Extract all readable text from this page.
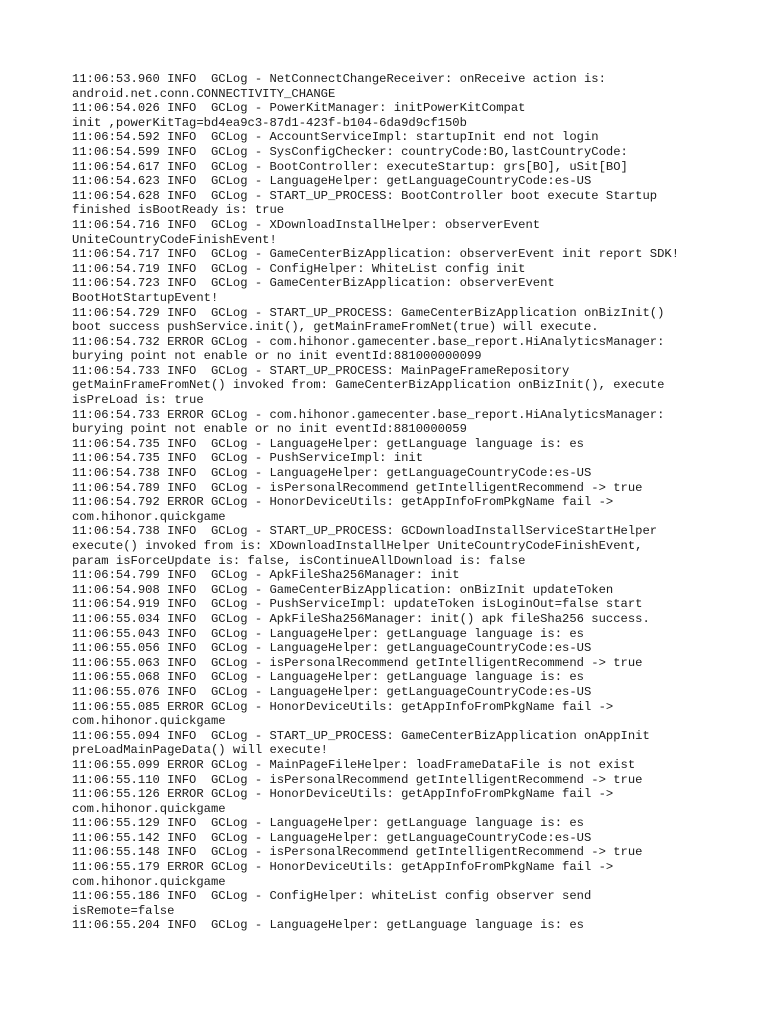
11:06:53.960 INFO  GCLog - NetConnectChangeReceiver: onReceive action is:
android.net.conn.CONNECTIVITY_CHANGE
11:06:54.026 INFO  GCLog - PowerKitManager: initPowerKitCompat
init ,powerKitTag=bd4ea9c3-87d1-423f-b104-6da9d9cf150b
11:06:54.592 INFO  GCLog - AccountServiceImpl: startupInit end not login
11:06:54.599 INFO  GCLog - SysConfigChecker: countryCode:BO,lastCountryCode:
11:06:54.617 INFO  GCLog - BootController: executeStartup: grs[BO], uSit[BO]
11:06:54.623 INFO  GCLog - LanguageHelper: getLanguageCountryCode:es-US
11:06:54.628 INFO  GCLog - START_UP_PROCESS: BootController boot execute Startup
finished isBootReady is: true
11:06:54.716 INFO  GCLog - XDownloadInstallHelper: observerEvent
UniteCountryCodeFinishEvent!
11:06:54.717 INFO  GCLog - GameCenterBizApplication: observerEvent init report SDK!
11:06:54.719 INFO  GCLog - ConfigHelper: WhiteList config init
11:06:54.723 INFO  GCLog - GameCenterBizApplication: observerEvent
BootHotStartupEvent!
11:06:54.729 INFO  GCLog - START_UP_PROCESS: GameCenterBizApplication onBizInit()
boot success pushService.init(), getMainFrameFromNet(true) will execute.
11:06:54.732 ERROR GCLog - com.hihonor.gamecenter.base_report.HiAnalyticsManager:
burying point not enable or no init eventId:881000000099
11:06:54.733 INFO  GCLog - START_UP_PROCESS: MainPageFrameRepository
getMainFrameFromNet() invoked from: GameCenterBizApplication onBizInit(), execute
isPreLoad is: true
11:06:54.733 ERROR GCLog - com.hihonor.gamecenter.base_report.HiAnalyticsManager:
burying point not enable or no init eventId:8810000059
11:06:54.735 INFO  GCLog - LanguageHelper: getLanguage language is: es
11:06:54.735 INFO  GCLog - PushServiceImpl: init
11:06:54.738 INFO  GCLog - LanguageHelper: getLanguageCountryCode:es-US
11:06:54.789 INFO  GCLog - isPersonalRecommend getIntelligentRecommend -> true
11:06:54.792 ERROR GCLog - HonorDeviceUtils: getAppInfoFromPkgName fail ->
com.hihonor.quickgame
11:06:54.738 INFO  GCLog - START_UP_PROCESS: GCDownloadInstallServiceStartHelper
execute() invoked from is: XDownloadInstallHelper UniteCountryCodeFinishEvent,
param isForceUpdate is: false, isContinueAllDownload is: false
11:06:54.799 INFO  GCLog - ApkFileSha256Manager: init
11:06:54.908 INFO  GCLog - GameCenterBizApplication: onBizInit updateToken
11:06:54.919 INFO  GCLog - PushServiceImpl: updateToken isLoginOut=false start
11:06:55.034 INFO  GCLog - ApkFileSha256Manager: init() apk fileSha256 success.
11:06:55.043 INFO  GCLog - LanguageHelper: getLanguage language is: es
11:06:55.056 INFO  GCLog - LanguageHelper: getLanguageCountryCode:es-US
11:06:55.063 INFO  GCLog - isPersonalRecommend getIntelligentRecommend -> true
11:06:55.068 INFO  GCLog - LanguageHelper: getLanguage language is: es
11:06:55.076 INFO  GCLog - LanguageHelper: getLanguageCountryCode:es-US
11:06:55.085 ERROR GCLog - HonorDeviceUtils: getAppInfoFromPkgName fail ->
com.hihonor.quickgame
11:06:55.094 INFO  GCLog - START_UP_PROCESS: GameCenterBizApplication onAppInit
preLoadMainPageData() will execute!
11:06:55.099 ERROR GCLog - MainPageFileHelper: loadFrameDataFile is not exist
11:06:55.110 INFO  GCLog - isPersonalRecommend getIntelligentRecommend -> true
11:06:55.126 ERROR GCLog - HonorDeviceUtils: getAppInfoFromPkgName fail ->
com.hihonor.quickgame
11:06:55.129 INFO  GCLog - LanguageHelper: getLanguage language is: es
11:06:55.142 INFO  GCLog - LanguageHelper: getLanguageCountryCode:es-US
11:06:55.148 INFO  GCLog - isPersonalRecommend getIntelligentRecommend -> true
11:06:55.179 ERROR GCLog - HonorDeviceUtils: getAppInfoFromPkgName fail ->
com.hihonor.quickgame
11:06:55.186 INFO  GCLog - ConfigHelper: whiteList config observer send
isRemote=false
11:06:55.204 INFO  GCLog - LanguageHelper: getLanguage language is: es
